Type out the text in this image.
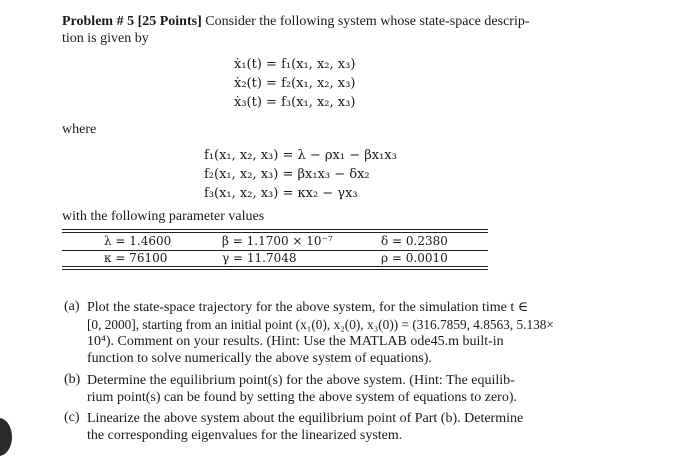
Problem # 5 [25 Points] Consider the following system whose state-space descrip-
tion is given by
ẋ₁(t) = f₁(x₁, x₂, x₃)
ẋ₂(t) = f₂(x₁, x₂, x₃)
ẋ₃(t) = f₃(x₁, x₂, x₃)
where
f₁(x₁, x₂, x₃) = λ − ρx₁ − βx₁x₃
f₂(x₁, x₂, x₃) = βx₁x₃ − δx₂
f₃(x₁, x₂, x₃) = κx₂ − γx₃
with the following parameter values
λ = 1.4600	β = 1.1700 × 10⁻⁷	δ = 0.2380
κ = 76100	γ = 11.7048	ρ = 0.0010
(a) Plot the state-space trajectory for the above system, for the simulation time t ∈
[0, 2000], starting from an initial point (x₁(0), x₂(0), x₃(0)) = (316.7859, 4.8563, 5.138×
10⁴). Comment on your results. (Hint: Use the MATLAB ode45.m built-in
function to solve numerically the above system of equations).
(b) Determine the equilibrium point(s) for the above system. (Hint: The equilib-
rium point(s) can be found by setting the above system of equations to zero).
(c) Linearize the above system about the equilibrium point of Part (b). Determine
the corresponding eigenvalues for the linearized system.
